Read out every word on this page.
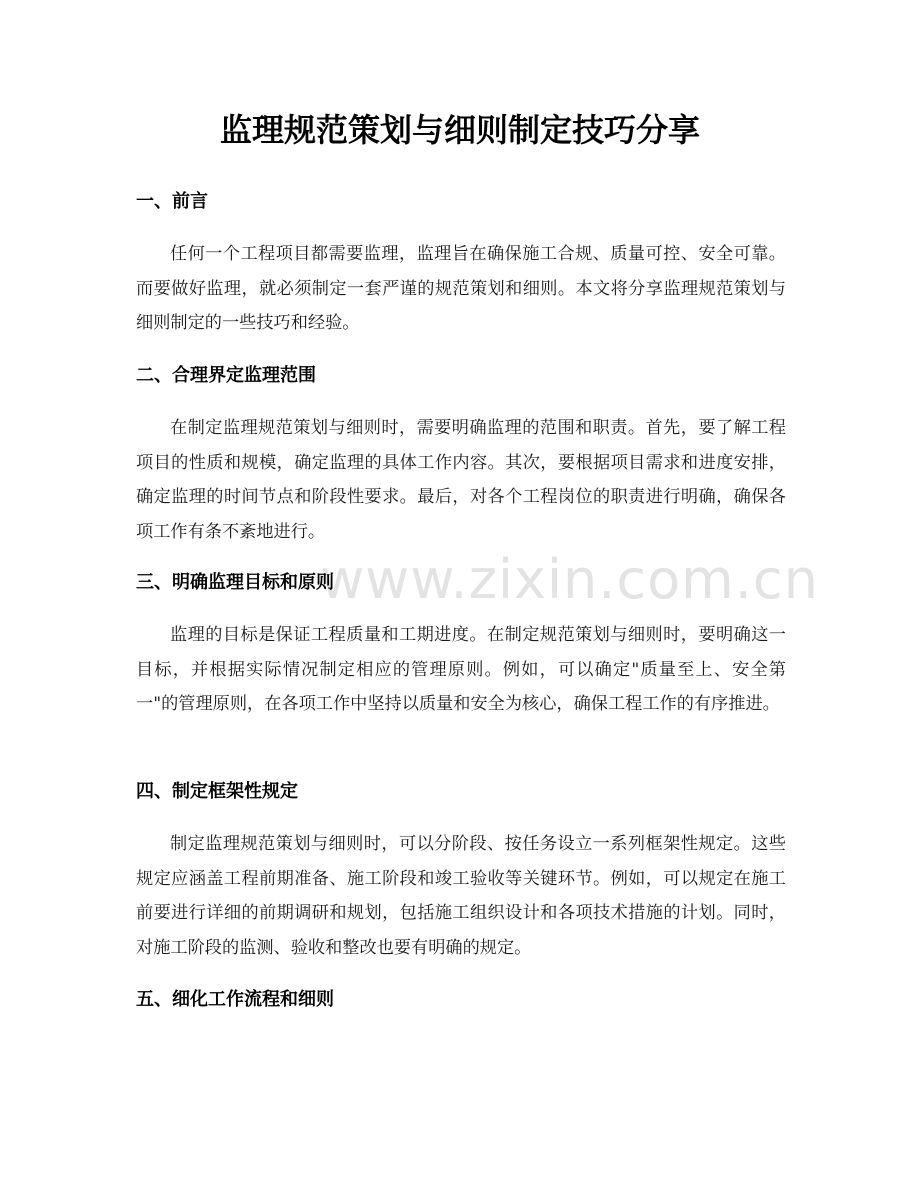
www.zixin.com.cn
监理规范策划与细则制定技巧分享
一、前言

任何一个工程项目都需要监理，监理旨在确保施工合规、质量可控、安全可靠。而要做好监理，就必须制定一套严谨的规范策划和细则。本文将分享监理规范策划与细则制定的一些技巧和经验。

二、合理界定监理范围

在制定监理规范策划与细则时，需要明确监理的范围和职责。首先，要了解工程项目的性质和规模，确定监理的具体工作内容。其次，要根据项目需求和进度安排，确定监理的时间节点和阶段性要求。最后，对各个工程岗位的职责进行明确，确保各项工作有条不紊地进行。

三、明确监理目标和原则

监理的目标是保证工程质量和工期进度。在制定规范策划与细则时，要明确这一目标，并根据实际情况制定相应的管理原则。例如，可以确定"质量至上、安全第一"的管理原则，在各项工作中坚持以质量和安全为核心，确保工程工作的有序推进。

四、制定框架性规定

制定监理规范策划与细则时，可以分阶段、按任务设立一系列框架性规定。这些规定应涵盖工程前期准备、施工阶段和竣工验收等关键环节。例如，可以规定在施工前要进行详细的前期调研和规划，包括施工组织设计和各项技术措施的计划。同时，对施工阶段的监测、验收和整改也要有明确的规定。

五、细化工作流程和细则
